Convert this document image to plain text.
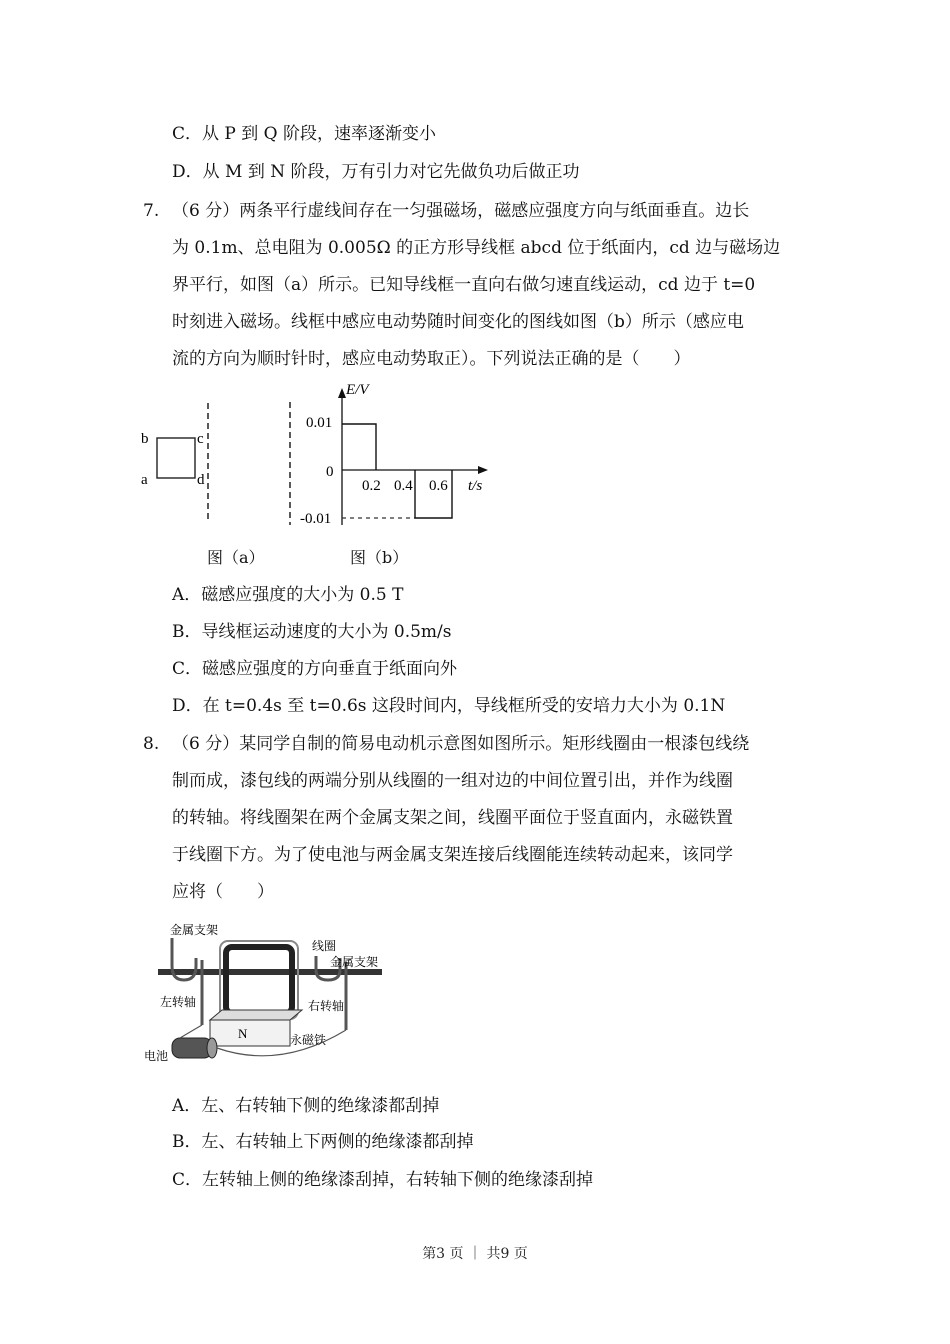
C．从 P 到 Q 阶段，速率逐渐变小
D．从 M 到 N 阶段，万有引力对它先做负功后做正功
7. （6 分）两条平行虚线间存在一匀强磁场，磁感应强度方向与纸面垂直。边长
为 0.1m、总电阻为 0.005Ω 的正方形导线框 abcd 位于纸面内，cd 边与磁场边
界平行，如图（a）所示。已知导线框一直向右做匀速直线运动，cd 边于 t=0
时刻进入磁场。线框中感应电动势随时间变化的图线如图（b）所示（感应电
流的方向为顺时针时，感应电动势取正）。下列说法正确的是（　　）
b
a
c
d
图（a）
E/V
t/s
0.01
0
-0.01
0.2 0.4 0.6
图（b）
A．磁感应强度的大小为 0.5 T
B．导线框运动速度的大小为 0.5m/s
C．磁感应强度的方向垂直于纸面向外
D．在 t=0.4s 至 t=0.6s 这段时间内，导线框所受的安培力大小为 0.1N
8. （6 分）某同学自制的简易电动机示意图如图所示。矩形线圈由一根漆包线绕
制而成，漆包线的两端分别从线圈的一组对边的中间位置引出，并作为线圈
的转轴。将线圈架在两个金属支架之间，线圈平面位于竖直面内，永磁铁置
于线圈下方。为了使电池与两金属支架连接后线圈能连续转动起来，该同学
应将（　　）
N
金属支架
线圈
金属支架
左转轴	右转轴
永磁铁
电池
A．左、右转轴下侧的绝缘漆都刮掉
B．左、右转轴上下两侧的绝缘漆都刮掉
C．左转轴上侧的绝缘漆刮掉，右转轴下侧的绝缘漆刮掉
第3 页 ｜ 共9 页
